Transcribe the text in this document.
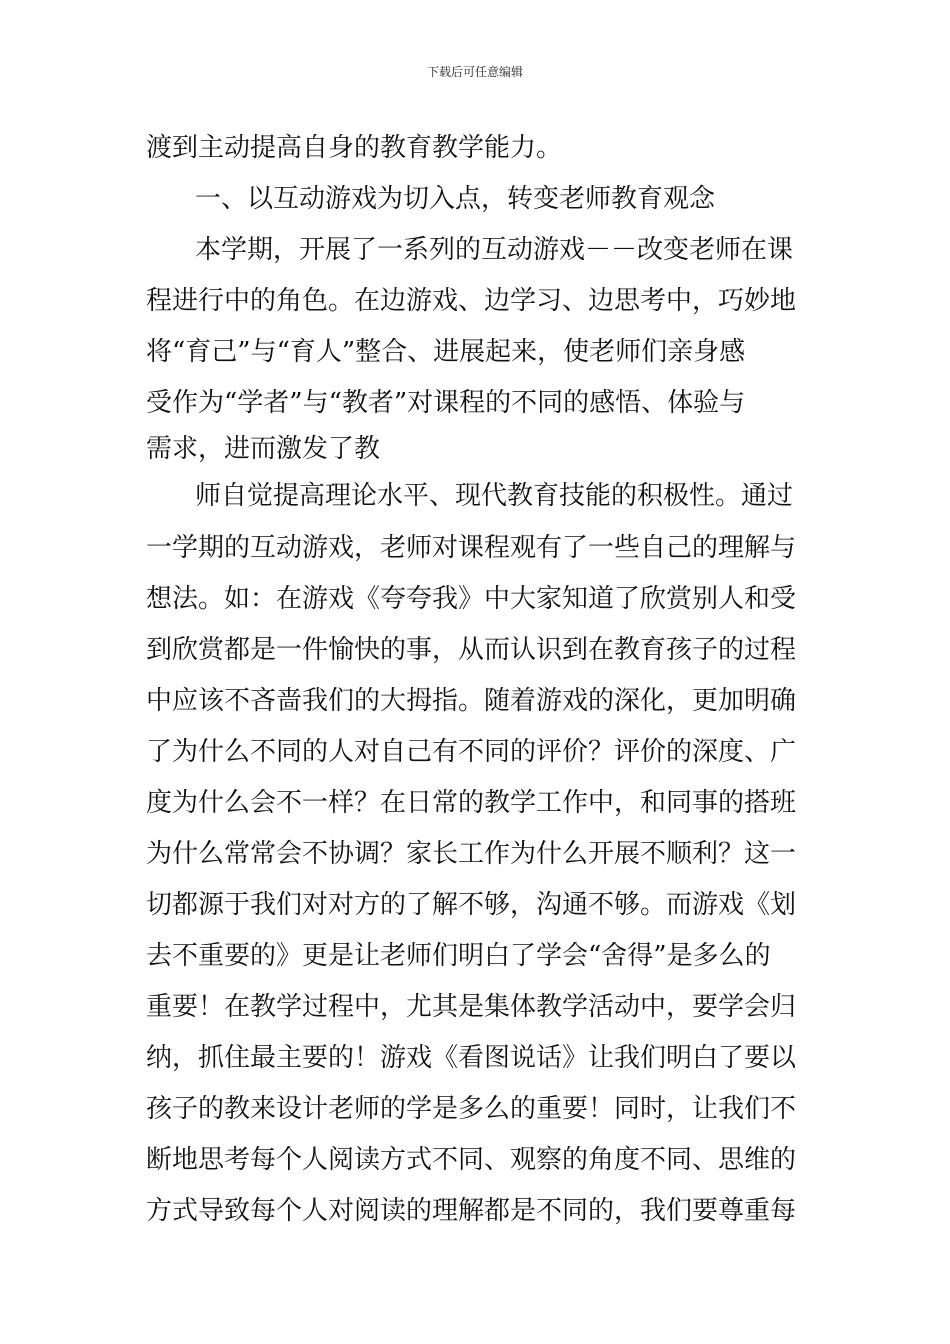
下载后可任意编辑
渡到主动提高自身的教育教学能力。
一、以互动游戏为切入点，转变老师教育观念
本学期，开展了一系列的互动游戏－－改变老师在课
程进行中的角色。在边游戏、边学习、边思考中，巧妙地
将“育己”与“育人”整合、进展起来，使老师们亲身感
受作为“学者”与“教者”对课程的不同的感悟、体验与
需求，进而激发了教
师自觉提高理论水平、现代教育技能的积极性。通过
一学期的互动游戏，老师对课程观有了一些自己的理解与
想法。如：在游戏《夸夸我》中大家知道了欣赏别人和受
到欣赏都是一件愉快的事，从而认识到在教育孩子的过程
中应该不吝啬我们的大拇指。随着游戏的深化，更加明确
了为什么不同的人对自己有不同的评价？评价的深度、广
度为什么会不一样？在日常的教学工作中，和同事的搭班
为什么常常会不协调？家长工作为什么开展不顺利？这一
切都源于我们对对方的了解不够，沟通不够。而游戏《划
去不重要的》更是让老师们明白了学会“舍得”是多么的
重要！在教学过程中，尤其是集体教学活动中，要学会归
纳，抓住最主要的！游戏《看图说话》让我们明白了要以
孩子的教来设计老师的学是多么的重要！同时，让我们不
断地思考每个人阅读方式不同、观察的角度不同、思维的
方式导致每个人对阅读的理解都是不同的，我们要尊重每
